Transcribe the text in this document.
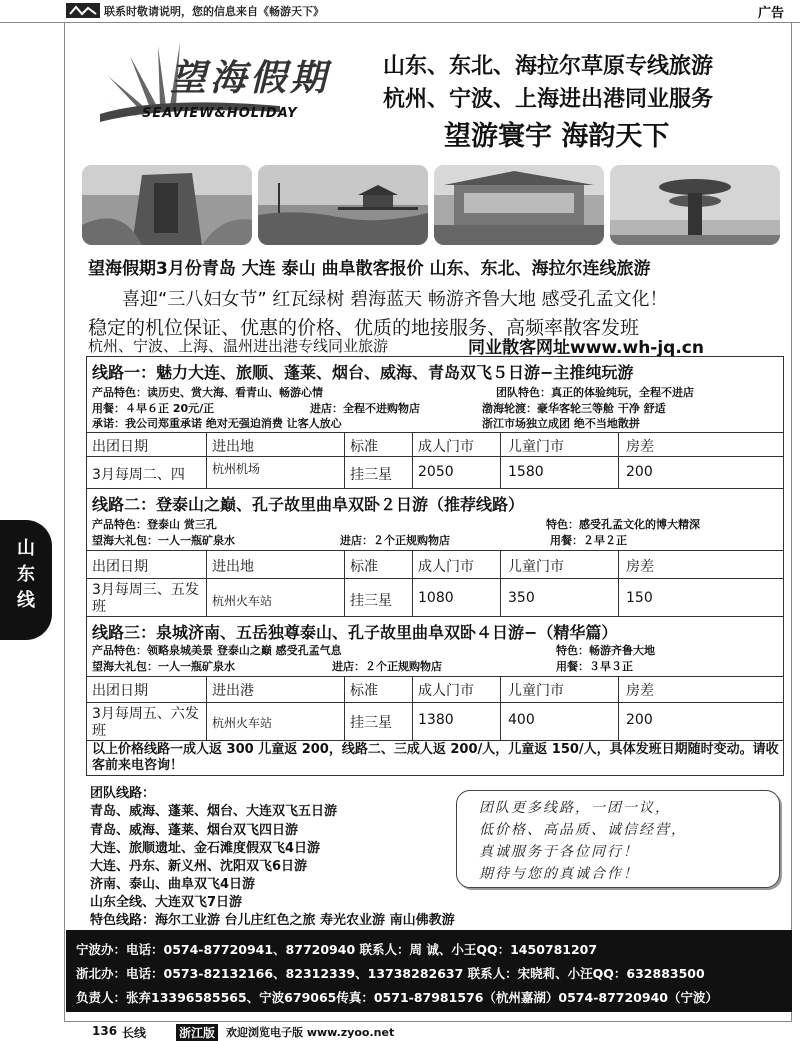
联系时敬请说明，您的信息来自《畅游天下》	广告
山东线
望海假期
SEAVIEW&HOLIDAY
山东、东北、海拉尔草原专线旅游
杭州、宁波、上海进出港同业服务
望游寰宇 海韵天下
望海假期3月份青岛 大连 泰山 曲阜散客报价 山东、东北、海拉尔连线旅游
喜迎“三八妇女节” 红瓦绿树 碧海蓝天 畅游齐鲁大地 感受孔孟文化！
稳定的机位保证、优惠的价格、优质的地接服务、高频率散客发班
杭州、宁波、上海、温州进出港专线同业旅游	同业散客网址www.wh-jq.cn
线路一：魅力大连、旅顺、蓬莱、烟台、威海、青岛双飞５日游−主推纯玩游
产品特色：读历史、赏大海、看青山、畅游心情	团队特色：真正的体验纯玩，全程不进店
用餐：４早６正 20元/正	进店：全程不进购物店	渤海轮渡：豪华客轮三等舱 干净 舒适
承诺：我公司郑重承诺 绝对无强迫消费 让客人放心	浙江市场独立成团 绝不当地散拼
出团日期	进出地	标准	成人门市 儿童门市	房差
3月每周二、四 杭州机场	挂三星 2050	1580	200
线路二：登泰山之巅、孔子故里曲阜双卧２日游（推荐线路）
产品特色：登泰山 赏三孔	特色：感受孔孟文化的博大精深
望海大礼包：一人一瓶矿泉水	进店：２个正规购物店	用餐：２早２正
出团日期	进出地	标准	成人门市 儿童门市	房差
3月每周三、五发班	杭州火车站	挂三星 1080	350	150
线路三：泉城济南、五岳独尊泰山、孔子故里曲阜双卧４日游−（精华篇）
产品特色：领略泉城美景 登泰山之巅 感受孔孟气息	特色：畅游齐鲁大地
望海大礼包：一人一瓶矿泉水	进店：２个正规购物店	用餐：３早３正
出团日期	进出港	标准	成人门市 儿童门市	房差
3月每周五、六发班	杭州火车站	挂三星 1380	400	200
以上价格线路一成人返 300 儿童返 200，线路二、三成人返 200/人，儿童返 150/人，具体发班日期随时变动。请收客前来电咨询！
团队线路：
青岛、威海、蓬莱、烟台、大连双飞五日游
青岛、威海、蓬莱、烟台双飞四日游
大连、旅顺遗址、金石滩度假双飞4日游
大连、丹东、新义州、沈阳双飞6日游
济南、泰山、曲阜双飞4日游
山东全线、大连双飞7日游
特色线路：海尔工业游 台儿庄红色之旅 寿光农业游 南山佛教游
团队更多线路，一团一议，
低价格、高品质、诚信经营，
真诚服务于各位同行！
期待与您的真诚合作！
宁波办：电话：0574-87720941、87720940 联系人：周 诚、小王QQ：1450781207
浙北办：电话：0573-82132166、82312339、13738282637 联系人：宋晓莉、小汪QQ：632883500
负责人：张弃13396585565、宁波679065传真：0571-87981576（杭州嘉湖）0574-87720940（宁波）
136 长线	浙江版 欢迎浏览电子版 www.zyoo.net
